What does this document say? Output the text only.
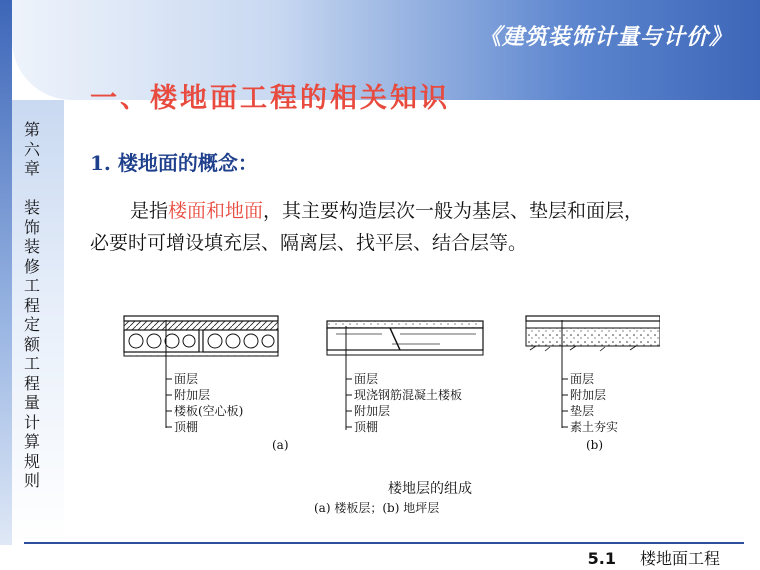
《建筑装饰计量与计价》
第
六
章

装
饰
装
修
工
程
定
额
工
程
量
计
算
规
则
一、楼地面工程的相关知识
1. 楼地面的概念：
是指楼面和地面，其主要构造层次一般为基层、垫层和面层，
必要时可增设填充层、隔离层、找平层、结合层等。
面层
附加层
楼板(空心板)
顶棚
(a)
面层
现浇钢筋混凝土楼板
附加层
顶棚
面层
附加层
垫层
素土夯实
(b)
楼地层的组成
(a) 楼板层；(b) 地坪层
5.1 楼地面工程
